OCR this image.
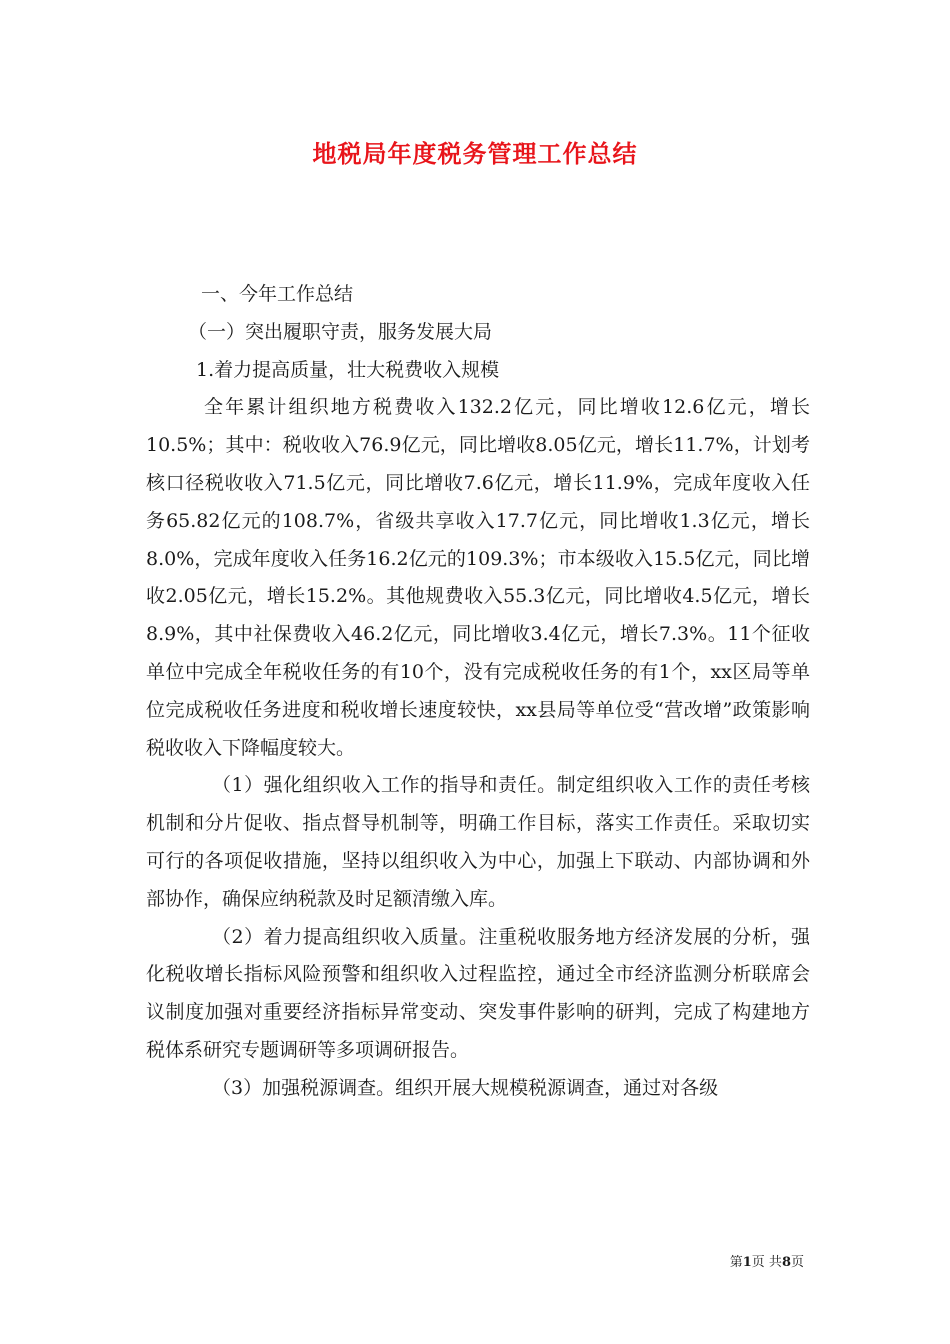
地税局年度税务管理工作总结

一、今年工作总结

（一）突出履职守责，服务发展大局

1.着力提高质量，壮大税费收入规模

全年累计组织地方税费收入132.2亿元，同比增收12.6亿元，增长10.5%；其中：税收收入76.9亿元，同比增收8.05亿元，增长11.7%，计划考核口径税收收入71.5亿元，同比增收7.6亿元，增长11.9%，完成年度收入任务65.82亿元的108.7%，省级共享收入17.7亿元，同比增收1.3亿元，增长8.0%，完成年度收入任务16.2亿元的109.3%；市本级收入15.5亿元，同比增收2.05亿元，增长15.2%。其他规费收入55.3亿元，同比增收4.5亿元，增长8.9%，其中社保费收入46.2亿元，同比增收3.4亿元，增长7.3%。11个征收单位中完成全年税收任务的有10个，没有完成税收任务的有1个，xx区局等单位完成税收任务进度和税收增长速度较快，xx县局等单位受“营改增”政策影响税收收入下降幅度较大。

（1）强化组织收入工作的指导和责任。制定组织收入工作的责任考核机制和分片促收、指点督导机制等，明确工作目标，落实工作责任。采取切实可行的各项促收措施，坚持以组织收入为中心，加强上下联动、内部协调和外部协作，确保应纳税款及时足额清缴入库。

（2）着力提高组织收入质量。注重税收服务地方经济发展的分析，强化税收增长指标风险预警和组织收入过程监控，通过全市经济监测分析联席会议制度加强对重要经济指标异常变动、突发事件影响的研判，完成了构建地方税体系研究专题调研等多项调研报告。

（3）加强税源调查。组织开展大规模税源调查，通过对各级

第1页 共8页
